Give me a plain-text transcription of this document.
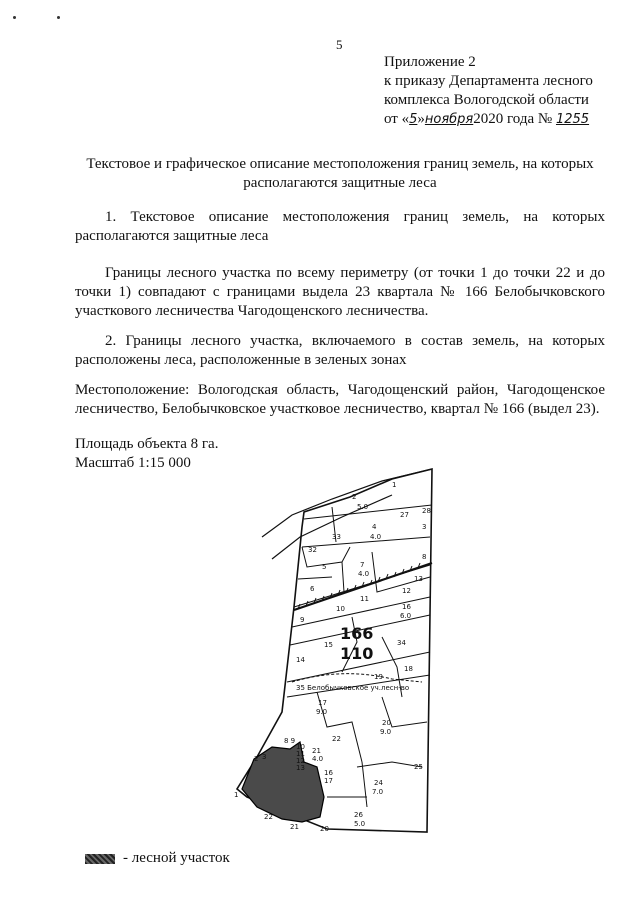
5
Приложение 2
к приказу Департамента лесного
комплекса Вологодской области
от «5»ноября2020 года № 1255
Текстовое и графическое описание местоположения границ земель, на которых располагаются защитные леса
1. Текстовое описание местоположения границ земель, на которых располагаются защитные леса
Границы лесного участка по всему периметру (от точки 1 до точки 22 и до точки 1) совпадают с границами выдела 23 квартала № 166 Белобычковского участкового лесничества Чагодощенского лесничества.
2. Границы лесного участка, включаемого в состав земель, на которых расположены леса, расположенные в зеленых зонах
Местоположение: Вологодская область, Чагодощенский район, Чагодощенское лесничество, Белобычковское участковое лесничество, квартал № 166 (выдел 23).
Площадь объекта 8 га.
Масштаб 1:15 000
166
110
35 Белобычковское уч.лесн-во
1
2
5.0
27 28
4
4.0
3
33
32
5	7
4.0
8
6	12
13
10
11
9
16
6.0
15	34
14
18
19
17
9.0
20
9.0
22
25
24
7.0
26
5.0
21
4.0
16
17
8 9
10
11
12
13
2 3
1
22
21	20
- лесной участок
